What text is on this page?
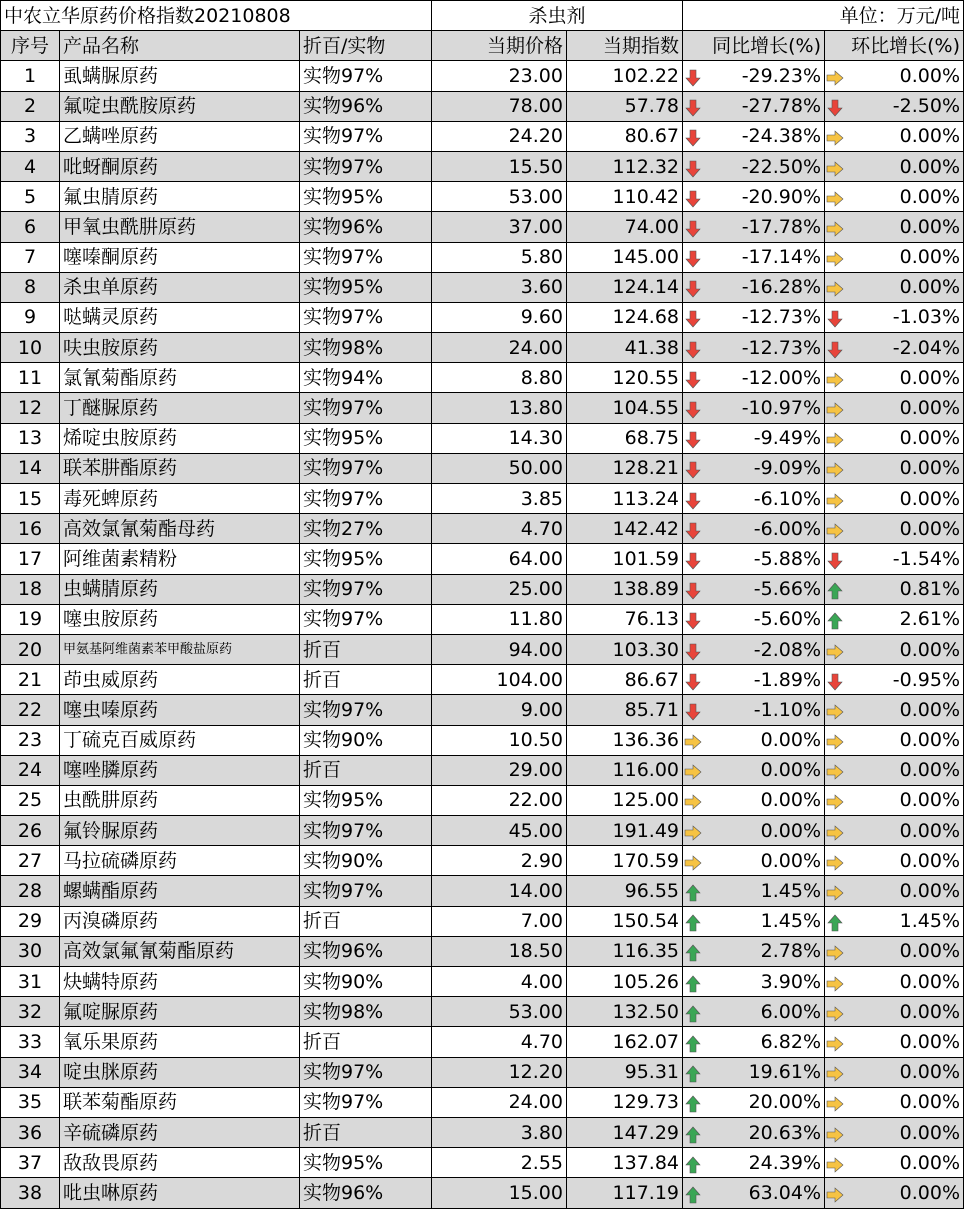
中农立华原药价格指数20210808			杀虫剂		单位：万元/吨	
序号	产品名称	折百/实物	当期价格	当期指数	同比增长(%)	环比增长(%)
1	虱螨脲原药	实物97%	23.00	102.22	-29.23%	0.00%
2	氟啶虫酰胺原药	实物96%	78.00	57.78	-27.78%	-2.50%
3	乙螨唑原药	实物97%	24.20	80.67	-24.38%	0.00%
4	吡蚜酮原药	实物97%	15.50	112.32	-22.50%	0.00%
5	氟虫腈原药	实物95%	53.00	110.42	-20.90%	0.00%
6	甲氧虫酰肼原药	实物96%	37.00	74.00	-17.78%	0.00%
7	噻嗪酮原药	实物97%	5.80	145.00	-17.14%	0.00%
8	杀虫单原药	实物95%	3.60	124.14	-16.28%	0.00%
9	哒螨灵原药	实物97%	9.60	124.68	-12.73%	-1.03%
10	呋虫胺原药	实物98%	24.00	41.38	-12.73%	-2.04%
11	氯氰菊酯原药	实物94%	8.80	120.55	-12.00%	0.00%
12	丁醚脲原药	实物97%	13.80	104.55	-10.97%	0.00%
13	烯啶虫胺原药	实物95%	14.30	68.75	-9.49%	0.00%
14	联苯肼酯原药	实物97%	50.00	128.21	-9.09%	0.00%
15	毒死蜱原药	实物97%	3.85	113.24	-6.10%	0.00%
16	高效氯氰菊酯母药	实物27%	4.70	142.42	-6.00%	0.00%
17	阿维菌素精粉	实物95%	64.00	101.59	-5.88%	-1.54%
18	虫螨腈原药	实物97%	25.00	138.89	-5.66%	0.81%
19	噻虫胺原药	实物97%	11.80	76.13	-5.60%	2.61%
20	甲氨基阿维菌素苯甲酸盐原药	折百	94.00	103.30	-2.08%	0.00%
21	茚虫威原药	折百	104.00	86.67	-1.89%	-0.95%
22	噻虫嗪原药	实物97%	9.00	85.71	-1.10%	0.00%
23	丁硫克百威原药	实物90%	10.50	136.36	0.00%	0.00%
24	噻唑膦原药	折百	29.00	116.00	0.00%	0.00%
25	虫酰肼原药	实物95%	22.00	125.00	0.00%	0.00%
26	氟铃脲原药	实物97%	45.00	191.49	0.00%	0.00%
27	马拉硫磷原药	实物90%	2.90	170.59	0.00%	0.00%
28	螺螨酯原药	实物97%	14.00	96.55	1.45%	0.00%
29	丙溴磷原药	折百	7.00	150.54	1.45%	1.45%
30	高效氯氟氰菊酯原药	实物96%	18.50	116.35	2.78%	0.00%
31	炔螨特原药	实物90%	4.00	105.26	3.90%	0.00%
32	氟啶脲原药	实物98%	53.00	132.50	6.00%	0.00%
33	氧乐果原药	折百	4.70	162.07	6.82%	0.00%
34	啶虫脒原药	实物97%	12.20	95.31	19.61%	0.00%
35	联苯菊酯原药	实物97%	24.00	129.73	20.00%	0.00%
36	辛硫磷原药	折百	3.80	147.29	20.63%	0.00%
37	敌敌畏原药	实物95%	2.55	137.84	24.39%	0.00%
38	吡虫啉原药	实物96%	15.00	117.19	63.04%	0.00%
